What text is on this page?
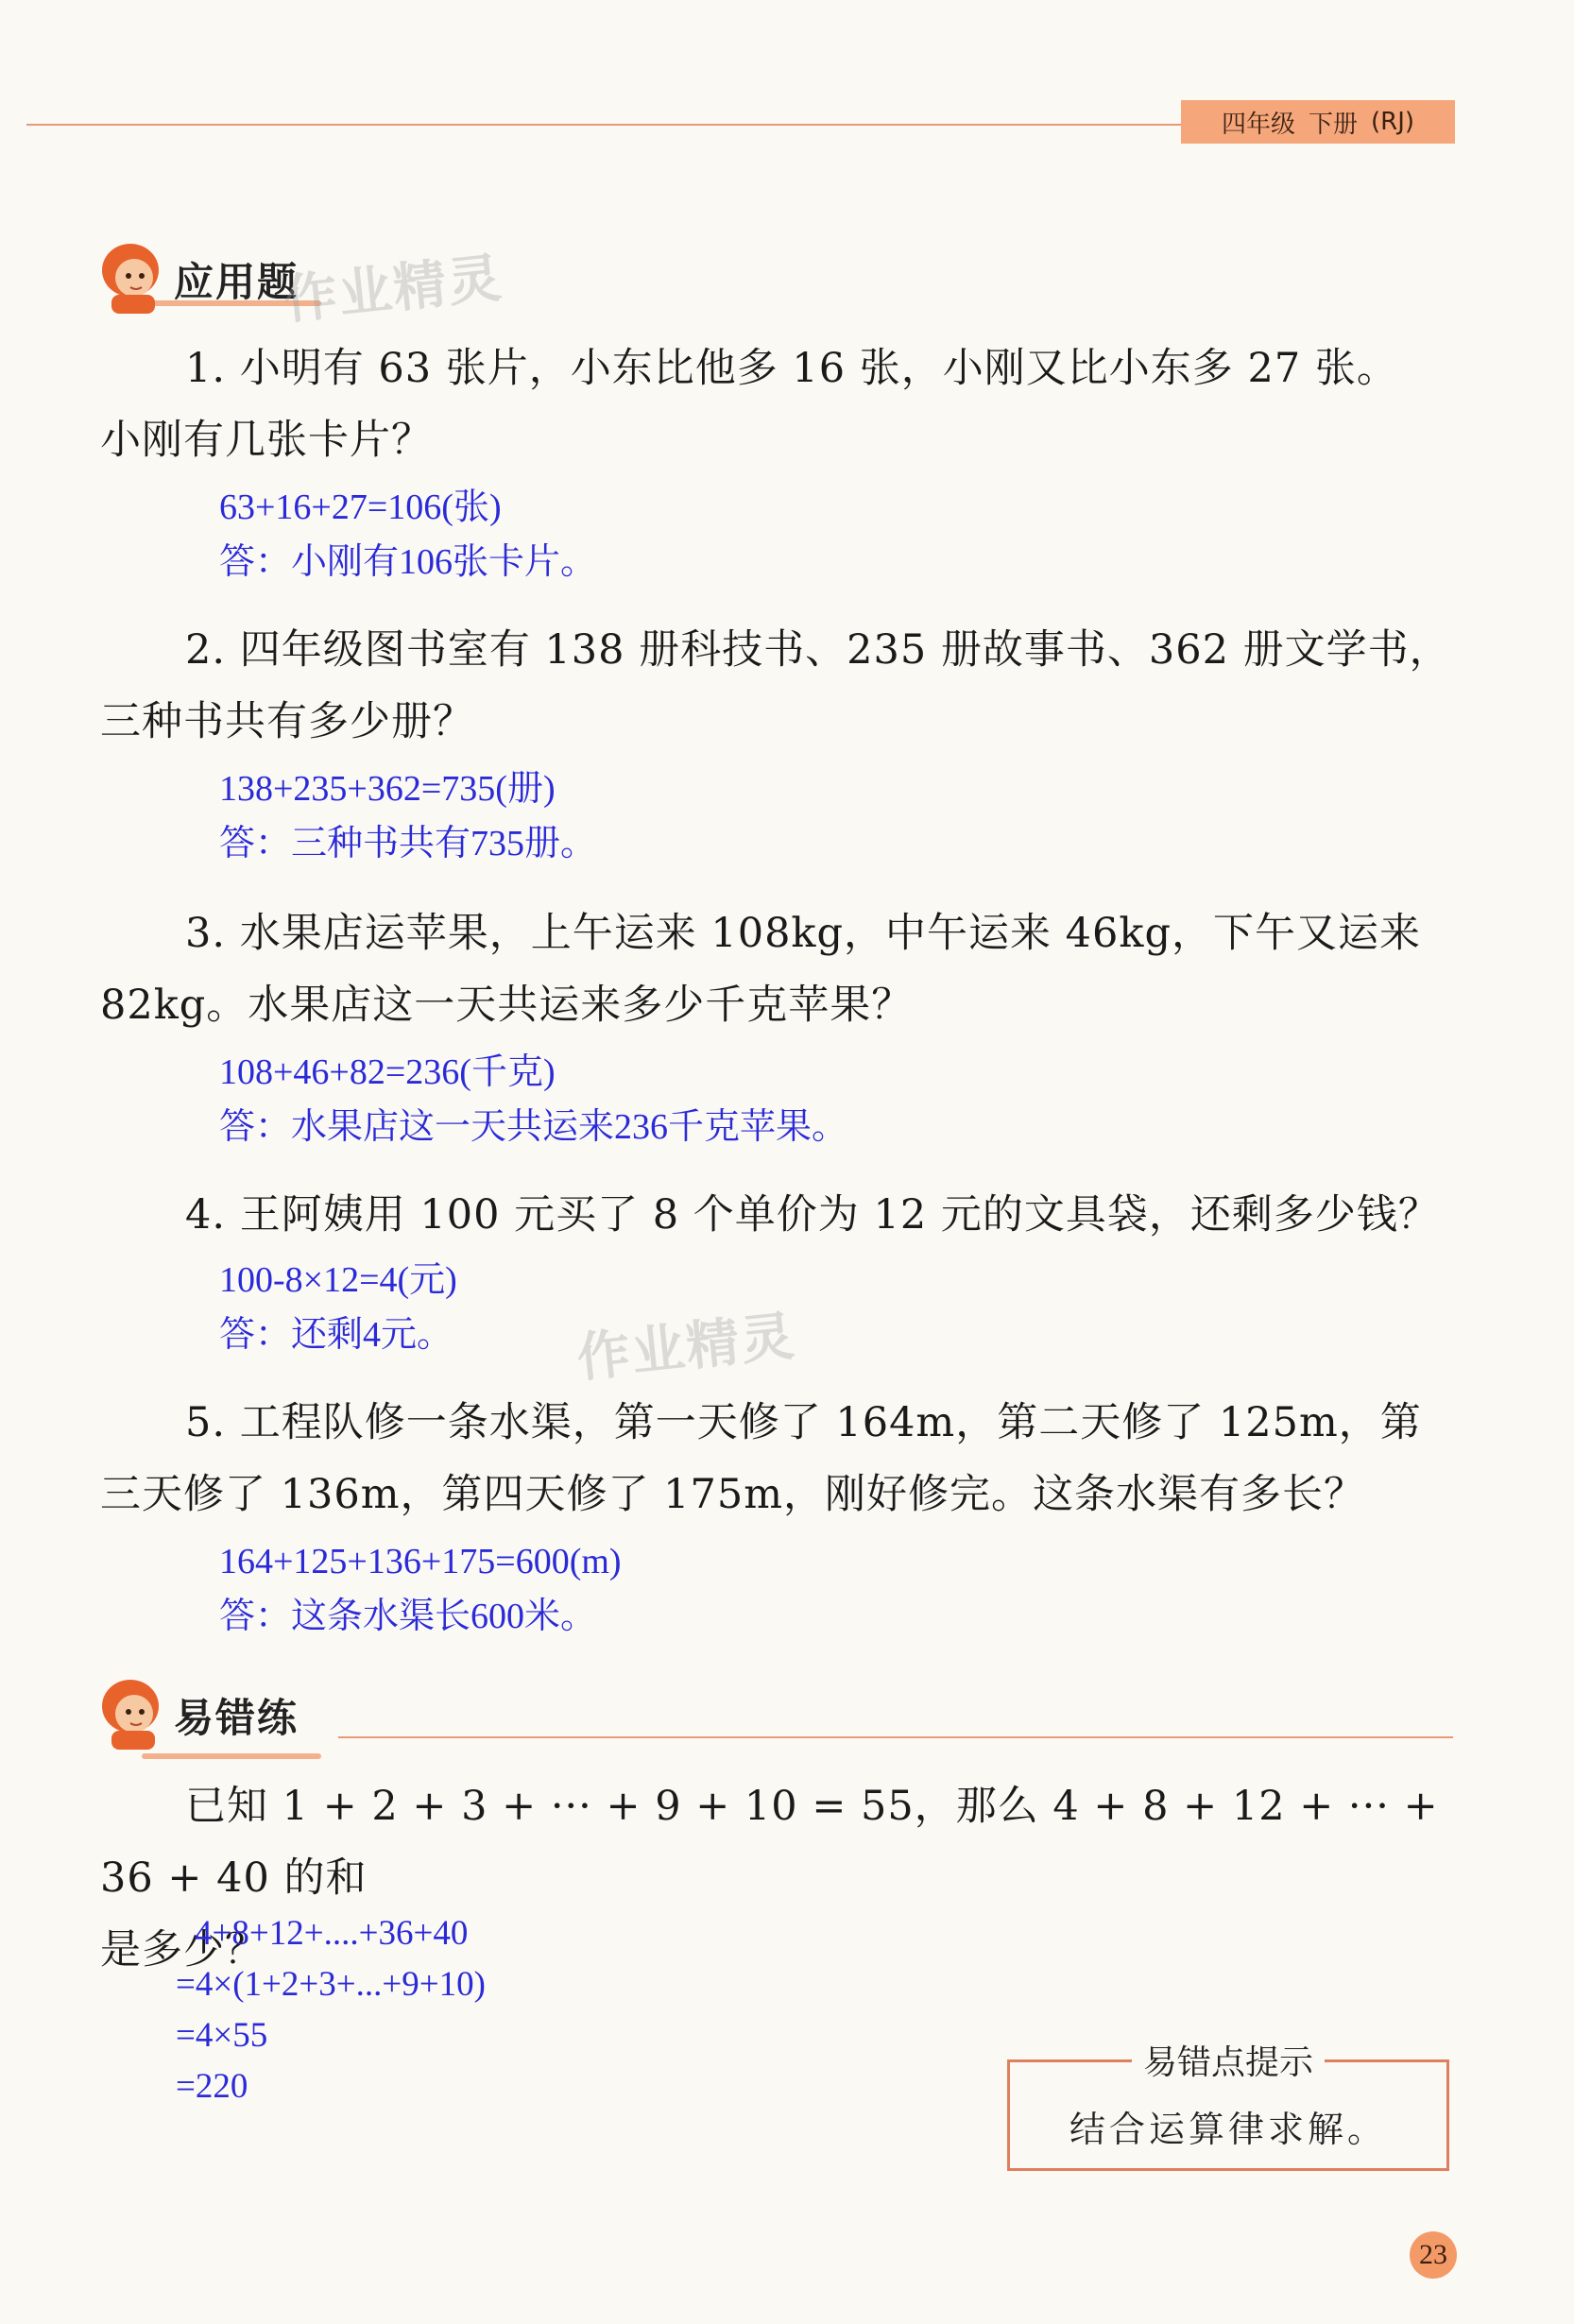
四年级 下册 (RJ)
应用题
作业精灵
1. 小明有 63 张片，小东比他多 16 张，小刚又比小东多 27 张。
小刚有几张卡片？
63+16+27=106(张)
答：小刚有106张卡片。
2. 四年级图书室有 138 册科技书、235 册故事书、362 册文学书，
三种书共有多少册？
138+235+362=735(册)
答：三种书共有735册。
3. 水果店运苹果，上午运来 108kg，中午运来 46kg，下午又运来
82kg。水果店这一天共运来多少千克苹果？
108+46+82=236(千克)
答：水果店这一天共运来236千克苹果。
4. 王阿姨用 100 元买了 8 个单价为 12 元的文具袋，还剩多少钱？
100-8×12=4(元)
答：还剩4元。 作业精灵
5. 工程队修一条水渠，第一天修了 164m，第二天修了 125m，第
三天修了 136m，第四天修了 175m，刚好修完。这条水渠有多长？
164+125+136+175=600(m)
答：这条水渠长600米。
易错练
已知 1 + 2 + 3 + ··· + 9 + 10 = 55，那么 4 + 8 + 12 + ··· + 36 + 40 的和
是多少？
4+8+12+....+36+40
=4×(1+2+3+...+9+10)
=4×55
=220
易错点提示
结合运算律求解。
23
